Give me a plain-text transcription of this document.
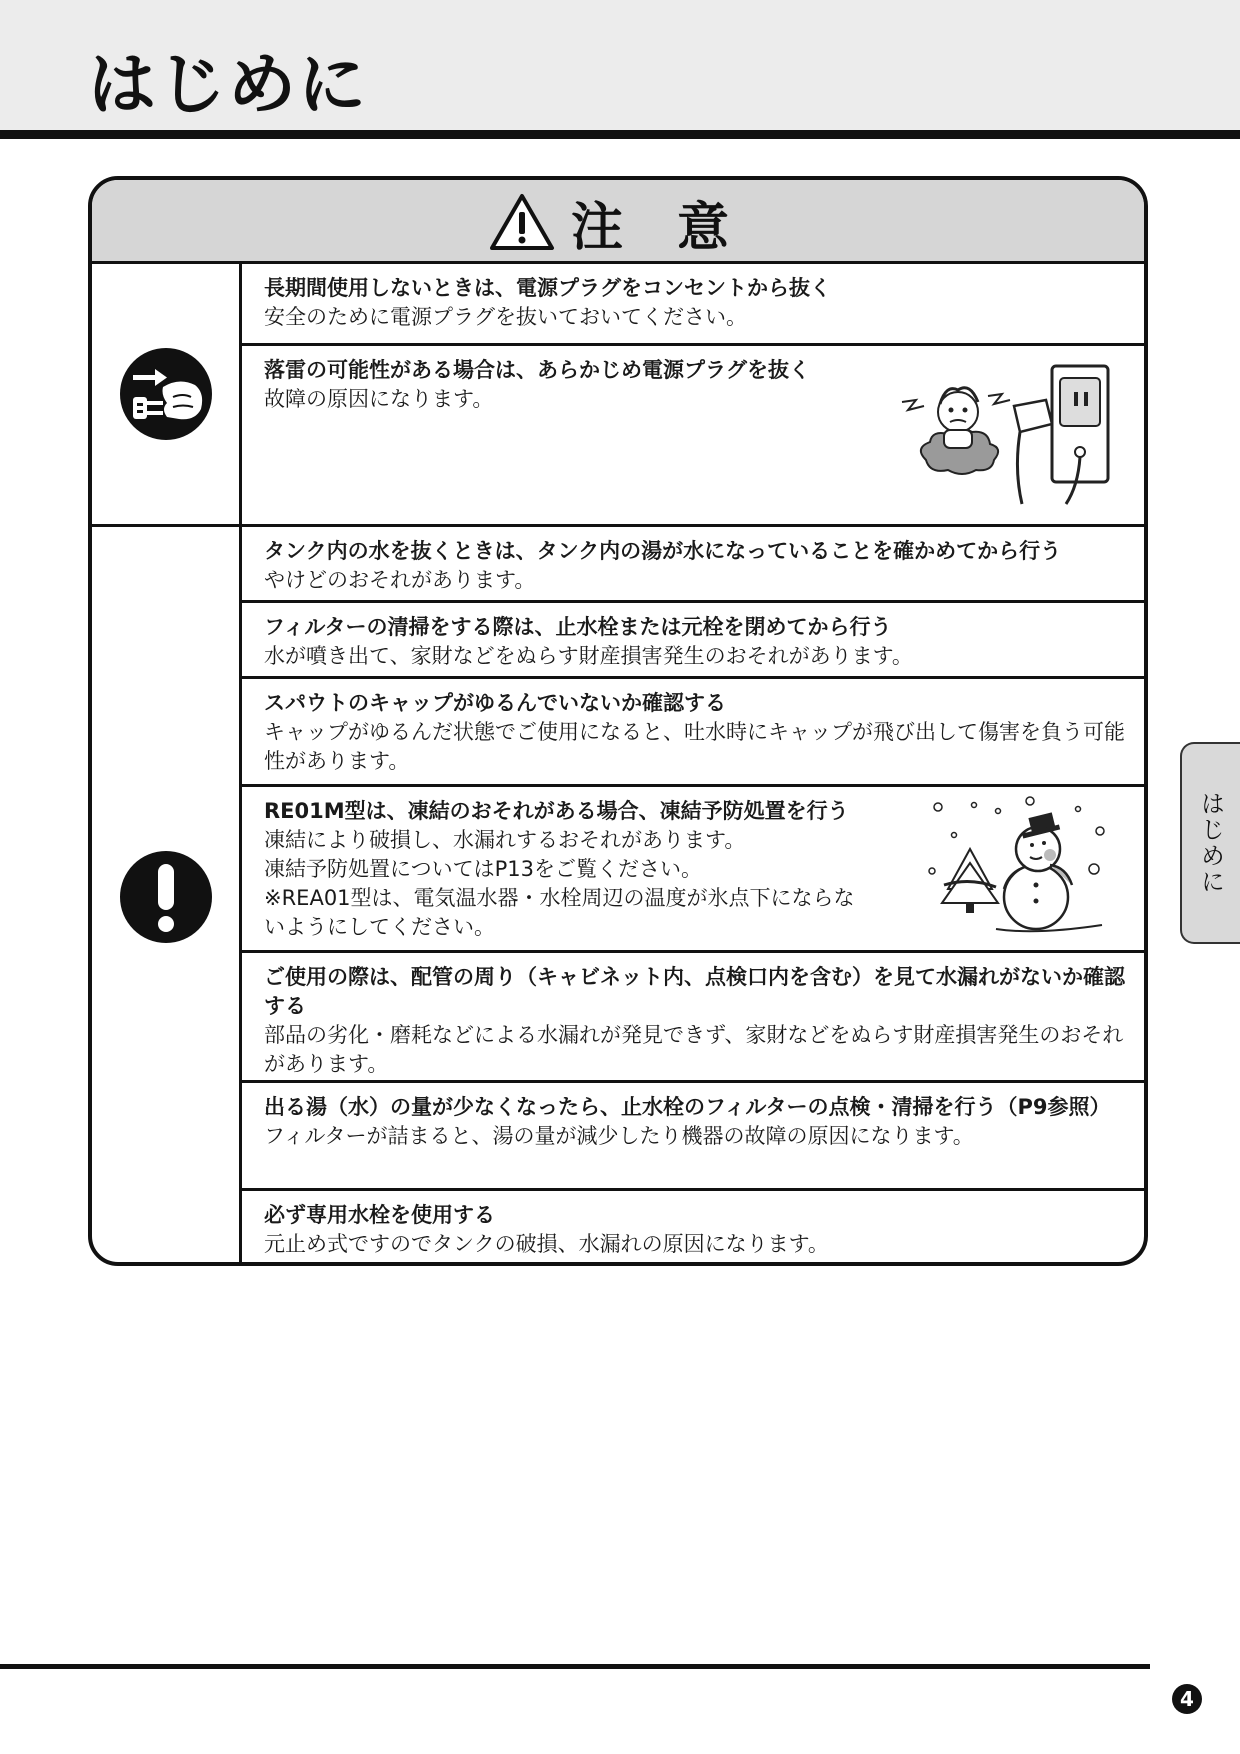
はじめに
注 意
長期間使用しないときは、電源プラグをコンセントから抜く
安全のために電源プラグを抜いておいてください。
落雷の可能性がある場合は、あらかじめ電源プラグを抜く
故障の原因になります。
タンク内の水を抜くときは、タンク内の湯が水になっていることを確かめてから行う
やけどのおそれがあります。
フィルターの清掃をする際は、止水栓または元栓を閉めてから行う
水が噴き出て、家財などをぬらす財産損害発生のおそれがあります。
スパウトのキャップがゆるんでいないか確認する
キャップがゆるんだ状態でご使用になると、吐水時にキャップが飛び出して傷害を負う可能性があります。
RE01M型は、凍結のおそれがある場合、凍結予防処置を行う
凍結により破損し、水漏れするおそれがあります。
凍結予防処置についてはP13をご覧ください。
※REA01型は、電気温水器・水栓周辺の温度が氷点下にならないようにしてください。
ご使用の際は、配管の周り（キャビネット内、点検口内を含む）を見て水漏れがないか確認する
部品の劣化・磨耗などによる水漏れが発見できず、家財などをぬらす財産損害発生のおそれがあります。
出る湯（水）の量が少なくなったら、止水栓のフィルターの点検・清掃を行う（P9参照）
フィルターが詰まると、湯の量が減少したり機器の故障の原因になります。
必ず専用水栓を使用する
元止め式ですのでタンクの破損、水漏れの原因になります。
はじめに
4
